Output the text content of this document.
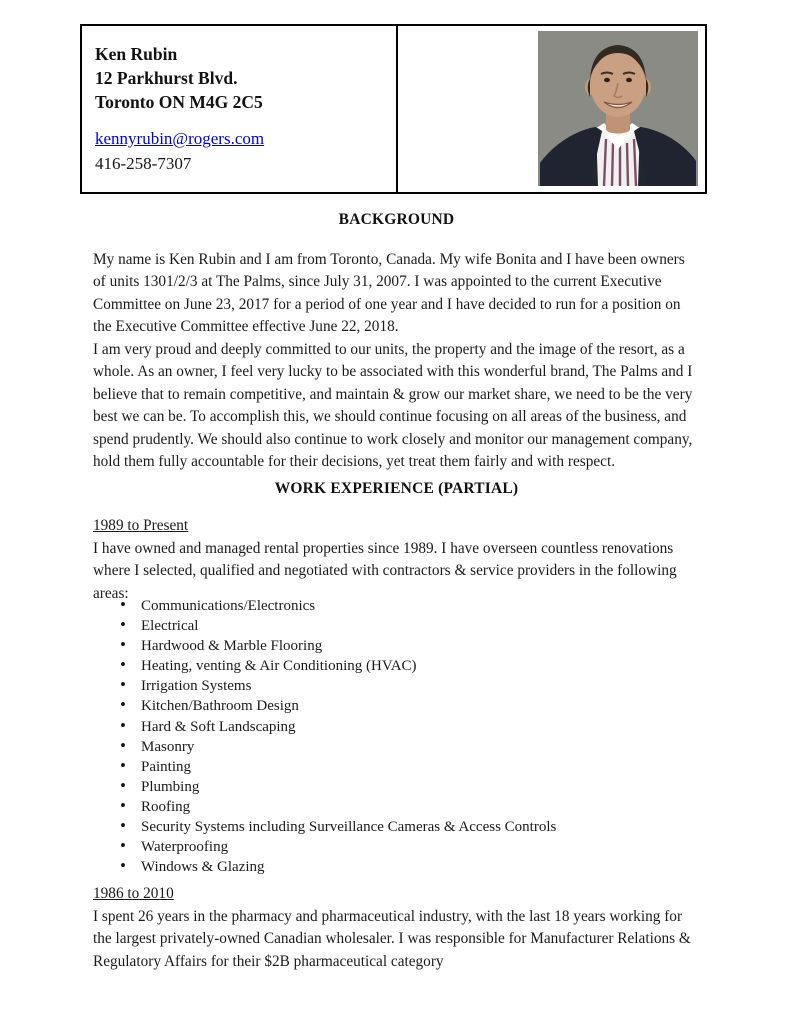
Ken Rubin
12 Parkhurst Blvd.
Toronto ON M4G 2C5
kennyrubin@rogers.com
416-258-7307
BACKGROUND
My name is Ken Rubin and I am from Toronto, Canada. My wife Bonita and I have been owners of units 1301/2/3 at The Palms, since July 31, 2007. I was appointed to the current Executive Committee on June 23, 2017 for a period of one year and I have decided to run for a position on the Executive Committee effective June 22, 2018.
I am very proud and deeply committed to our units, the property and the image of the resort, as a whole. As an owner, I feel very lucky to be associated with this wonderful brand, The Palms and I believe that to remain competitive, and maintain & grow our market share, we need to be the very best we can be. To accomplish this, we should continue focusing on all areas of the business, and spend prudently. We should also continue to work closely and monitor our management company, hold them fully accountable for their decisions, yet treat them fairly and with respect.
WORK EXPERIENCE (PARTIAL)
1989 to Present
I have owned and managed rental properties since 1989. I have overseen countless renovations where I selected, qualified and negotiated with contractors & service providers in the following areas:
• Communications/Electronics
• Electrical
• Hardwood & Marble Flooring
• Heating, venting & Air Conditioning (HVAC)
• Irrigation Systems
• Kitchen/Bathroom Design
• Hard & Soft Landscaping
• Masonry
• Painting
• Plumbing
• Roofing
• Security Systems including Surveillance Cameras & Access Controls
• Waterproofing
• Windows & Glazing
1986 to 2010
I spent 26 years in the pharmacy and pharmaceutical industry, with the last 18 years working for the largest privately-owned Canadian wholesaler. I was responsible for Manufacturer Relations & Regulatory Affairs for their $2B pharmaceutical category
